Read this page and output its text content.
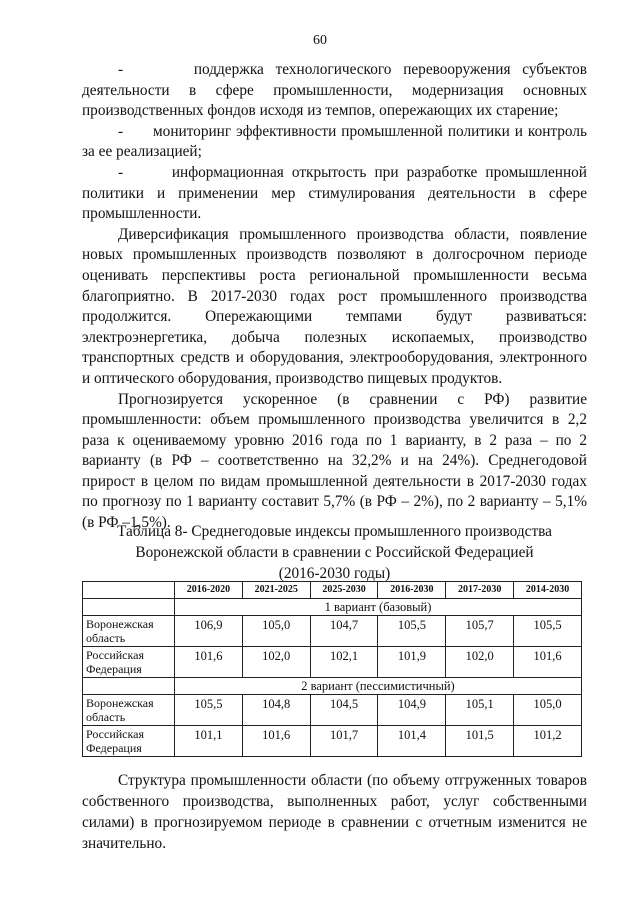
60

-      поддержка технологического перевооружения субъектов деятельности в сфере промышленности, модернизация основных производственных фондов исходя из темпов, опережающих их старение;

-      мониторинг эффективности промышленной политики и контроль за ее реализацией;

-      информационная открытость при разработке промышленной политики и применении мер стимулирования деятельности в сфере промышленности.

Диверсификация промышленного производства области, появление новых промышленных производств позволяют в долгосрочном периоде оценивать перспективы роста региональной промышленности весьма благоприятно. В 2017-2030 годах рост промышленного производства продолжится. Опережающими темпами будут развиваться: электроэнергетика, добыча полезных ископаемых, производство транспортных средств и оборудования, электрооборудования, электронного и оптического оборудования, производство пищевых продуктов.

Прогнозируется ускоренное (в сравнении с РФ) развитие промышленности: объем промышленного производства увеличится в 2,2 раза к оцениваемому уровню 2016 года по 1 варианту, в 2 раза – по 2 варианту (в РФ – соответственно на 32,2% и на 24%). Среднегодовой прирост в целом по видам промышленной деятельности в 2017-2030 годах по прогнозу по 1 варианту составит 5,7% (в РФ – 2%), по 2 варианту – 5,1% (в РФ –1,5%).

Таблица 8- Среднегодовые индексы промышленного производства
Воронежской области в сравнении с Российской Федерацией
(2016-2030 годы)
	2016-2020	2021-2025	2025-2030	2016-2030	2017-2030	2014-2030
	1 вариант (базовый)					
Воронежская область	106,9	105,0	104,7	105,5	105,7	105,5
Российская Федерация	101,6	102,0	102,1	101,9	102,0	101,6
	2 вариант (пессимистичный)					
Воронежская область	105,5	104,8	104,5	104,9	105,1	105,0
Российская Федерация	101,1	101,6	101,7	101,4	101,5	101,2
Структура промышленности области (по объему отгруженных товаров собственного производства, выполненных работ, услуг собственными силами) в прогнозируемом периоде в сравнении с отчетным изменится не значительно.
